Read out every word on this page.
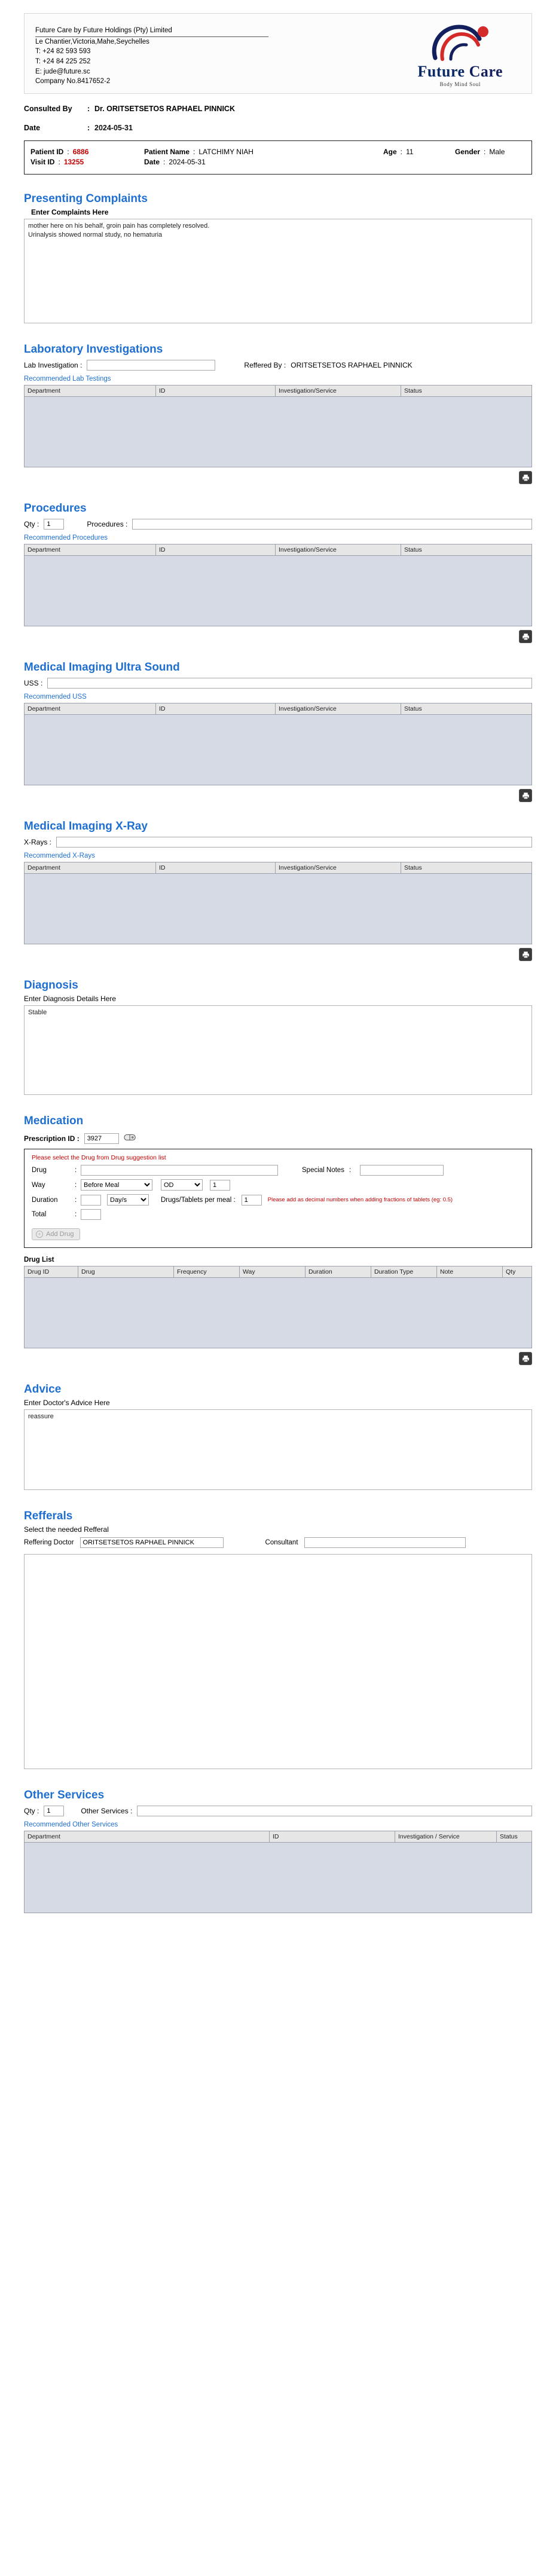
Future Care by Future Holdings (Pty) Limited
Le Chantier,Victoria,Mahe,Seychelles
T: +24 82 593 593
T: +24 84 225 252
E: jude@future.sc
Company No.8417652-2
Future Care
Body Mind Soul
Consulted By : Dr. ORITSETSETOS RAPHAEL PINNICK
Date	: 2024-05-31
Patient ID : 6886	Patient Name : LATCHIMY NIAH	Age : 11	Gender : Male
Visit ID : 13255	Date : 2024-05-31
Presenting Complaints
Enter Complaints Here
mother here on his behalf, groin pain has completely resolved. Urinalysis showed normal study, no hematuria
Laboratory Investigations
Lab Investigation :	Reffered By : ORITSETSETOS RAPHAEL PINNICK
Recommended Lab Testings
Department	ID	Investigation/Service	Status

Procedures
Qty :
1	Procedures :
Recommended Procedures
Department	ID	Investigation/Service	Status

Medical Imaging Ultra Sound
USS :
Recommended USS
Department	ID	Investigation/Service	Status

Medical Imaging X-Ray
X-Rays :
Recommended X-Rays
Department	ID	Investigation/Service	Status

Diagnosis
Enter Diagnosis Details Here
Stable
Medication
Prescription ID :
3927
Please select the Drug from Drug suggestion list
Drug	:	Special Notes :
Way	:
Before Meal
OD
1
Duration	:
Day/s	Drugs/Tablets per meal :
1	Please add as decimal numbers when adding fractions of tablets (eg: 0.5)
Total	:
+ Add Drug
Drug List
Drug ID	Drug	Frequency	Way	Duration	Duration Type	Note	Qty

Advice
Enter Doctor's Advice Here
reassure
Refferals
Select the needed Refferal
Reffering Doctor
ORITSETSETOS RAPHAEL PINNICK	Consultant
Other Services
Qty :
1	Other Services :
Recommended Other Services
Department	ID	Investigation / Service	Status
